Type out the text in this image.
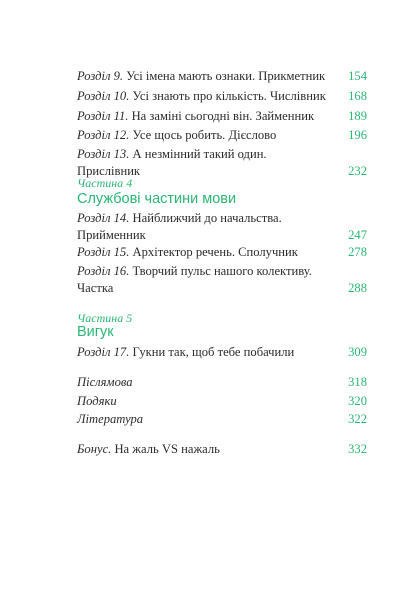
Розділ 9. Усі імена мають ознаки. Прикметник	154
Розділ 10. Усі знають про кількість. Числівник	168
Розділ 11. На заміні сьогодні він. Займенник	189
Розділ 12. Усе щось робить. Дієслово	196
Розділ 13. А незмінний такий один. Прислівник	232
Частина 4
Службові частини мови
Розділ 14. Найближчий до начальства. Прийменник	247
Розділ 15. Архітектор речень. Сполучник	278
Розділ 16. Творчий пульс нашого колективу. Частка	288
Частина 5
Вигук
Розділ 17. Гукни так, щоб тебе побачили	309
Післямова	318
Подяки	320
Література	322
Бонус. На жаль VS нажаль	332
